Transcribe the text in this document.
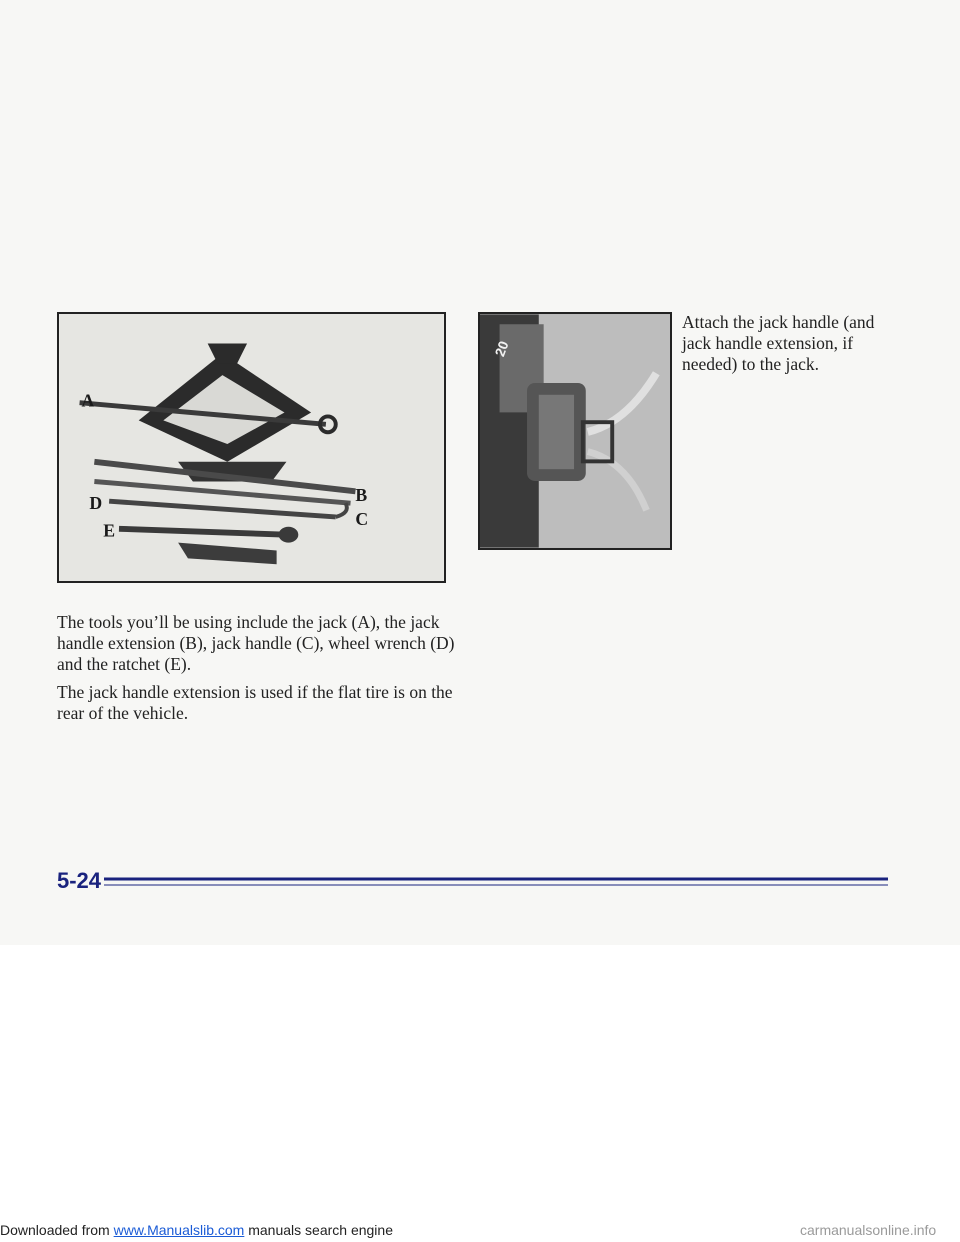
A
B
C
D
E
20
Attach the jack handle (and jack handle extension, if needed) to the jack.

The tools you’ll be using include the jack (A), the jack handle extension (B), jack handle (C), wheel wrench (D) and the ratchet (E).

The jack handle extension is used if the flat tire is on the rear of the vehicle.

5-24
Downloaded from www.Manualslib.com manuals search engine	carmanualsonline.info
